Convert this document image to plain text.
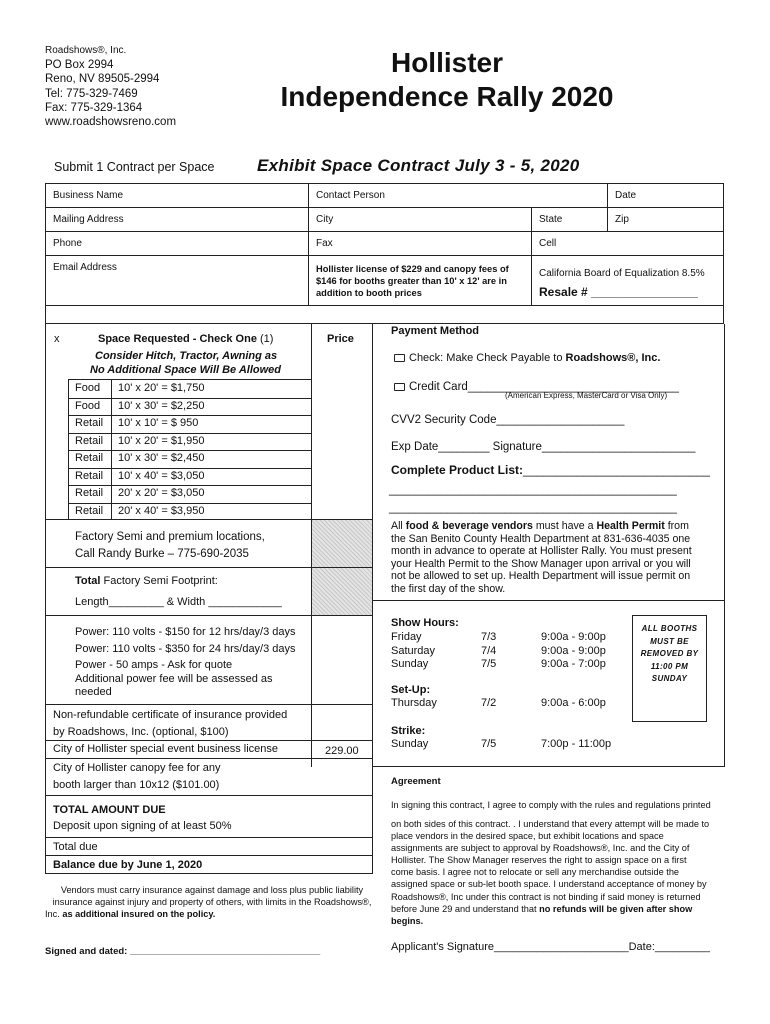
Roadshows®, Inc.
PO Box 2994
Reno, NV 89505-2994
Tel: 775-329-7469
Fax: 775-329-1364
www.roadshowsreno.com
Hollister
Independence Rally 2020
Submit 1 Contract per Space	Exhibit Space Contract July 3 - 5, 2020
Business Name	Contact Person	Date
Mailing Address	City	State	Zip
Phone	Fax	Cell
Email Address	Hollister license of $229 and canopy fees of $146 for booths greater than 10' x 12' are in addition to booth prices
California Board of Equalization 8.5%
Resale # ________________
x	Space Requested - Check One (1)	Price
Consider Hitch, Tractor, Awning as
No Additional Space Will Be Allowed
Food 10' x 20' = $1,750
Food 10' x 30' = $2,250
Retail 10' x 10' = $ 950
Retail 10' x 20' = $1,950
Retail 10' x 30' = $2,450
Retail 10' x 40' = $3,050
Retail 20' x 20' = $3,050
Retail 20' x 40' = $3,950
Factory Semi and premium locations,
Call Randy Burke – 775-690-2035
Total Factory Semi Footprint:
Length_________ & Width ____________
Power: 110 volts - $150 for 12 hrs/day/3 days
Power: 110 volts - $350 for 24 hrs/day/3 days
Power - 50 amps - Ask for quote
Additional power fee will be assessed as
needed
Non-refundable certificate of insurance provided
by Roadshows, Inc. (optional, $100)
City of Hollister special event business license	229.00
City of Hollister canopy fee for any
booth larger than 10x12 ($101.00)
TOTAL AMOUNT DUE
Deposit upon signing of at least 50%
Total due
Balance due by June 1, 2020
Vendors must carry insurance against damage and loss plus public liability
insurance against injury and property of others, with limits in the Roadshows®,
Inc. as additional insured on the policy.
Signed and dated: ____________________________________
Payment Method
Check: Make Check Payable to Roadshows®, Inc.
Credit Card_________________________________
(American Express, MasterCard or Visa Only)
CVV2 Security Code____________________
Exp Date________ Signature________________________
Complete Product List:____________________________
_____________________________________________
_____________________________________________
All food & beverage vendors must have a Health Permit from
the San Benito County Health Department at 831-636-4035 one
month in advance to operate at Hollister Rally. You must present
your Health Permit to the Show Manager upon arrival or you will
not be allowed to set up. Health Department will issue permit on
the first day of the show.
Show Hours:
Friday	7/3	9:00a - 9:00p
Saturday	7/4	9:00a - 9:00p
Sunday	7/5	9:00a - 7:00p
Set-Up:
Thursday	7/2	9:00a - 6:00p
Strike:
Sunday	7/5	7:00p - 11:00p
ALL BOOTHS
MUST BE
REMOVED BY
11:00 PM
SUNDAY
Agreement
In signing this contract, I agree to comply with the rules and regulations printed
on both sides of this contract. . I understand that every attempt will be made to
place vendors in the desired space, but exhibit locations and space
assignments are subject to approval by Roadshows®, Inc. and the City of
Hollister. The Show Manager reserves the right to assign space on a first
come basis. I agree not to relocate or sell any merchandise outside the
assigned space or sub-let booth space. I understand acceptance of money by
Roadshows®, Inc under this contract is not binding if said money is returned
before June 29 and understand that no refunds will be given after show
begins.
Applicant's Signature______________________Date:_________
